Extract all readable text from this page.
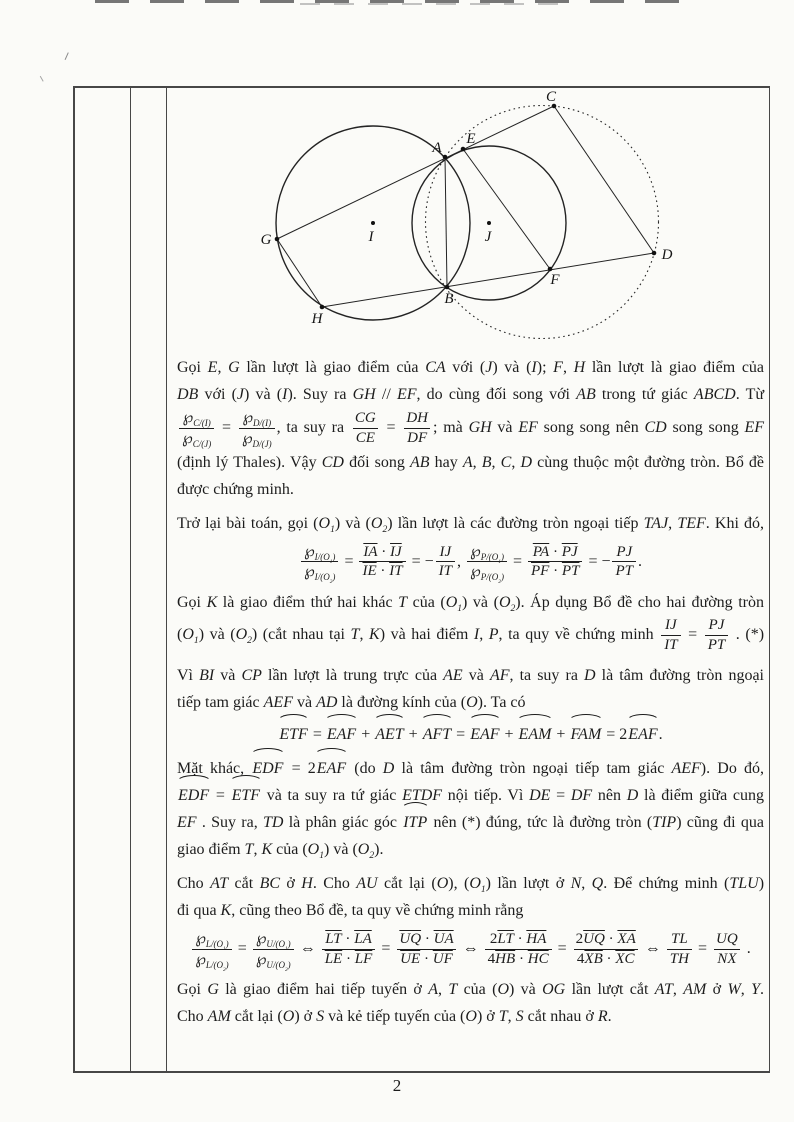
C
E
A
G	I	J
D
F
B
H
Gọi E, G lần lượt là giao điểm của CA với (J) và (I); F, H lần lượt là giao điểm của
DB với (J) và (I). Suy ra GH // EF, do cùng đối song với AB trong tứ giác ABCD. Từ
$\frac{℘_{C/(I)}}{℘_{C/(J)}} = \frac{℘_{D/(I)}}{℘_{D/(J)}}$ , ta suy ra $\frac{CG}{CE} = \frac{DH}{DF}$ ; mà GH và EF song song nên CD song song EF
(định lý Thales). Vậy CD đối song AB hay A, B, C, D cùng thuộc một đường tròn. Bổ đề
được chứng minh.
Trở lại bài toán, gọi $(O_1)$ và $(O_2)$ lần lượt là các đường tròn ngoại tiếp TAJ, TEF. Khi đó,
$\frac{℘_{I/(O_1)}}{℘_{I/(O_2)}} = \frac{\overline{IA} \cdot \overline{IJ}}{\overline{IE} \cdot \overline{IT}}$ = − $\frac{IJ}{IT}$ , $\frac{℘_{P/(O_1)}}{℘_{P/(O_2)}} = \frac{\overline{PA} \cdot \overline{PJ}}{\overline{PF} \cdot \overline{PT}}$ = − $\frac{PJ}{PT}$ .
Gọi K là giao điểm thứ hai khác T của $(O_1)$ và $(O_2)$. Áp dụng Bổ đề cho hai đường tròn
$(O_1)$ và $(O_2)$ (cắt nhau tại T, K) và hai điểm I, P, ta quy về chứng minh $\frac{IJ}{IT} = \frac{PJ}{PT}$ . (*)
Vì BI và CP lần lượt là trung trực của AE và AF, ta suy ra D là tâm đường tròn ngoại
tiếp tam giác AEF và AD là đường kính của (O). Ta có
ETF = EAF + AET + AFT = EAF + EAM + FAM = 2EAF.
Mặt khác, EDF = 2EAF (do D là tâm đường tròn ngoại tiếp tam giác AEF). Do đó,
EDF = ETF và ta suy ra tứ giác ETDF nội tiếp. Vì DE = DF nên D là điểm giữa cung
EF . Suy ra, TD là phân giác góc ITP nên (*) đúng, tức là đường tròn (TIP) cũng đi qua
giao điểm T, K của $(O_1)$ và $(O_2)$.
Cho AT cắt BC ở H. Cho AU cắt lại (O), $(O_1)$ lần lượt ở N, Q. Để chứng minh (TLU)
đi qua K, cũng theo Bổ đề, ta quy về chứng minh rằng
$\frac{℘_{L/(O_1)}}{℘_{L/(O_2)}} = \frac{℘_{U/(O_1)}}{℘_{U/(O_2)}}$ ⇔ $\frac{\overline{LT} \cdot \overline{LA}}{\overline{LE} \cdot \overline{LF}} = \frac{\overline{UQ} \cdot \overline{UA}}{\overline{UE} \cdot \overline{UF}}$ ⇔ $\frac{2\overline{LT} \cdot \overline{HA}}{4\overline{HB} \cdot \overline{HC}} = \frac{2\overline{UQ} \cdot \overline{XA}}{4\overline{XB} \cdot \overline{XC}}$ ⇔ $\frac{TL}{TH} = \frac{UQ}{NX}$ .
Gọi G là giao điểm hai tiếp tuyến ở A, T của (O) và OG lần lượt cắt AT, AM ở W, Y.
Cho AM cắt lại (O) ở S và kẻ tiếp tuyến của (O) ở T, S cắt nhau ở R.
2
